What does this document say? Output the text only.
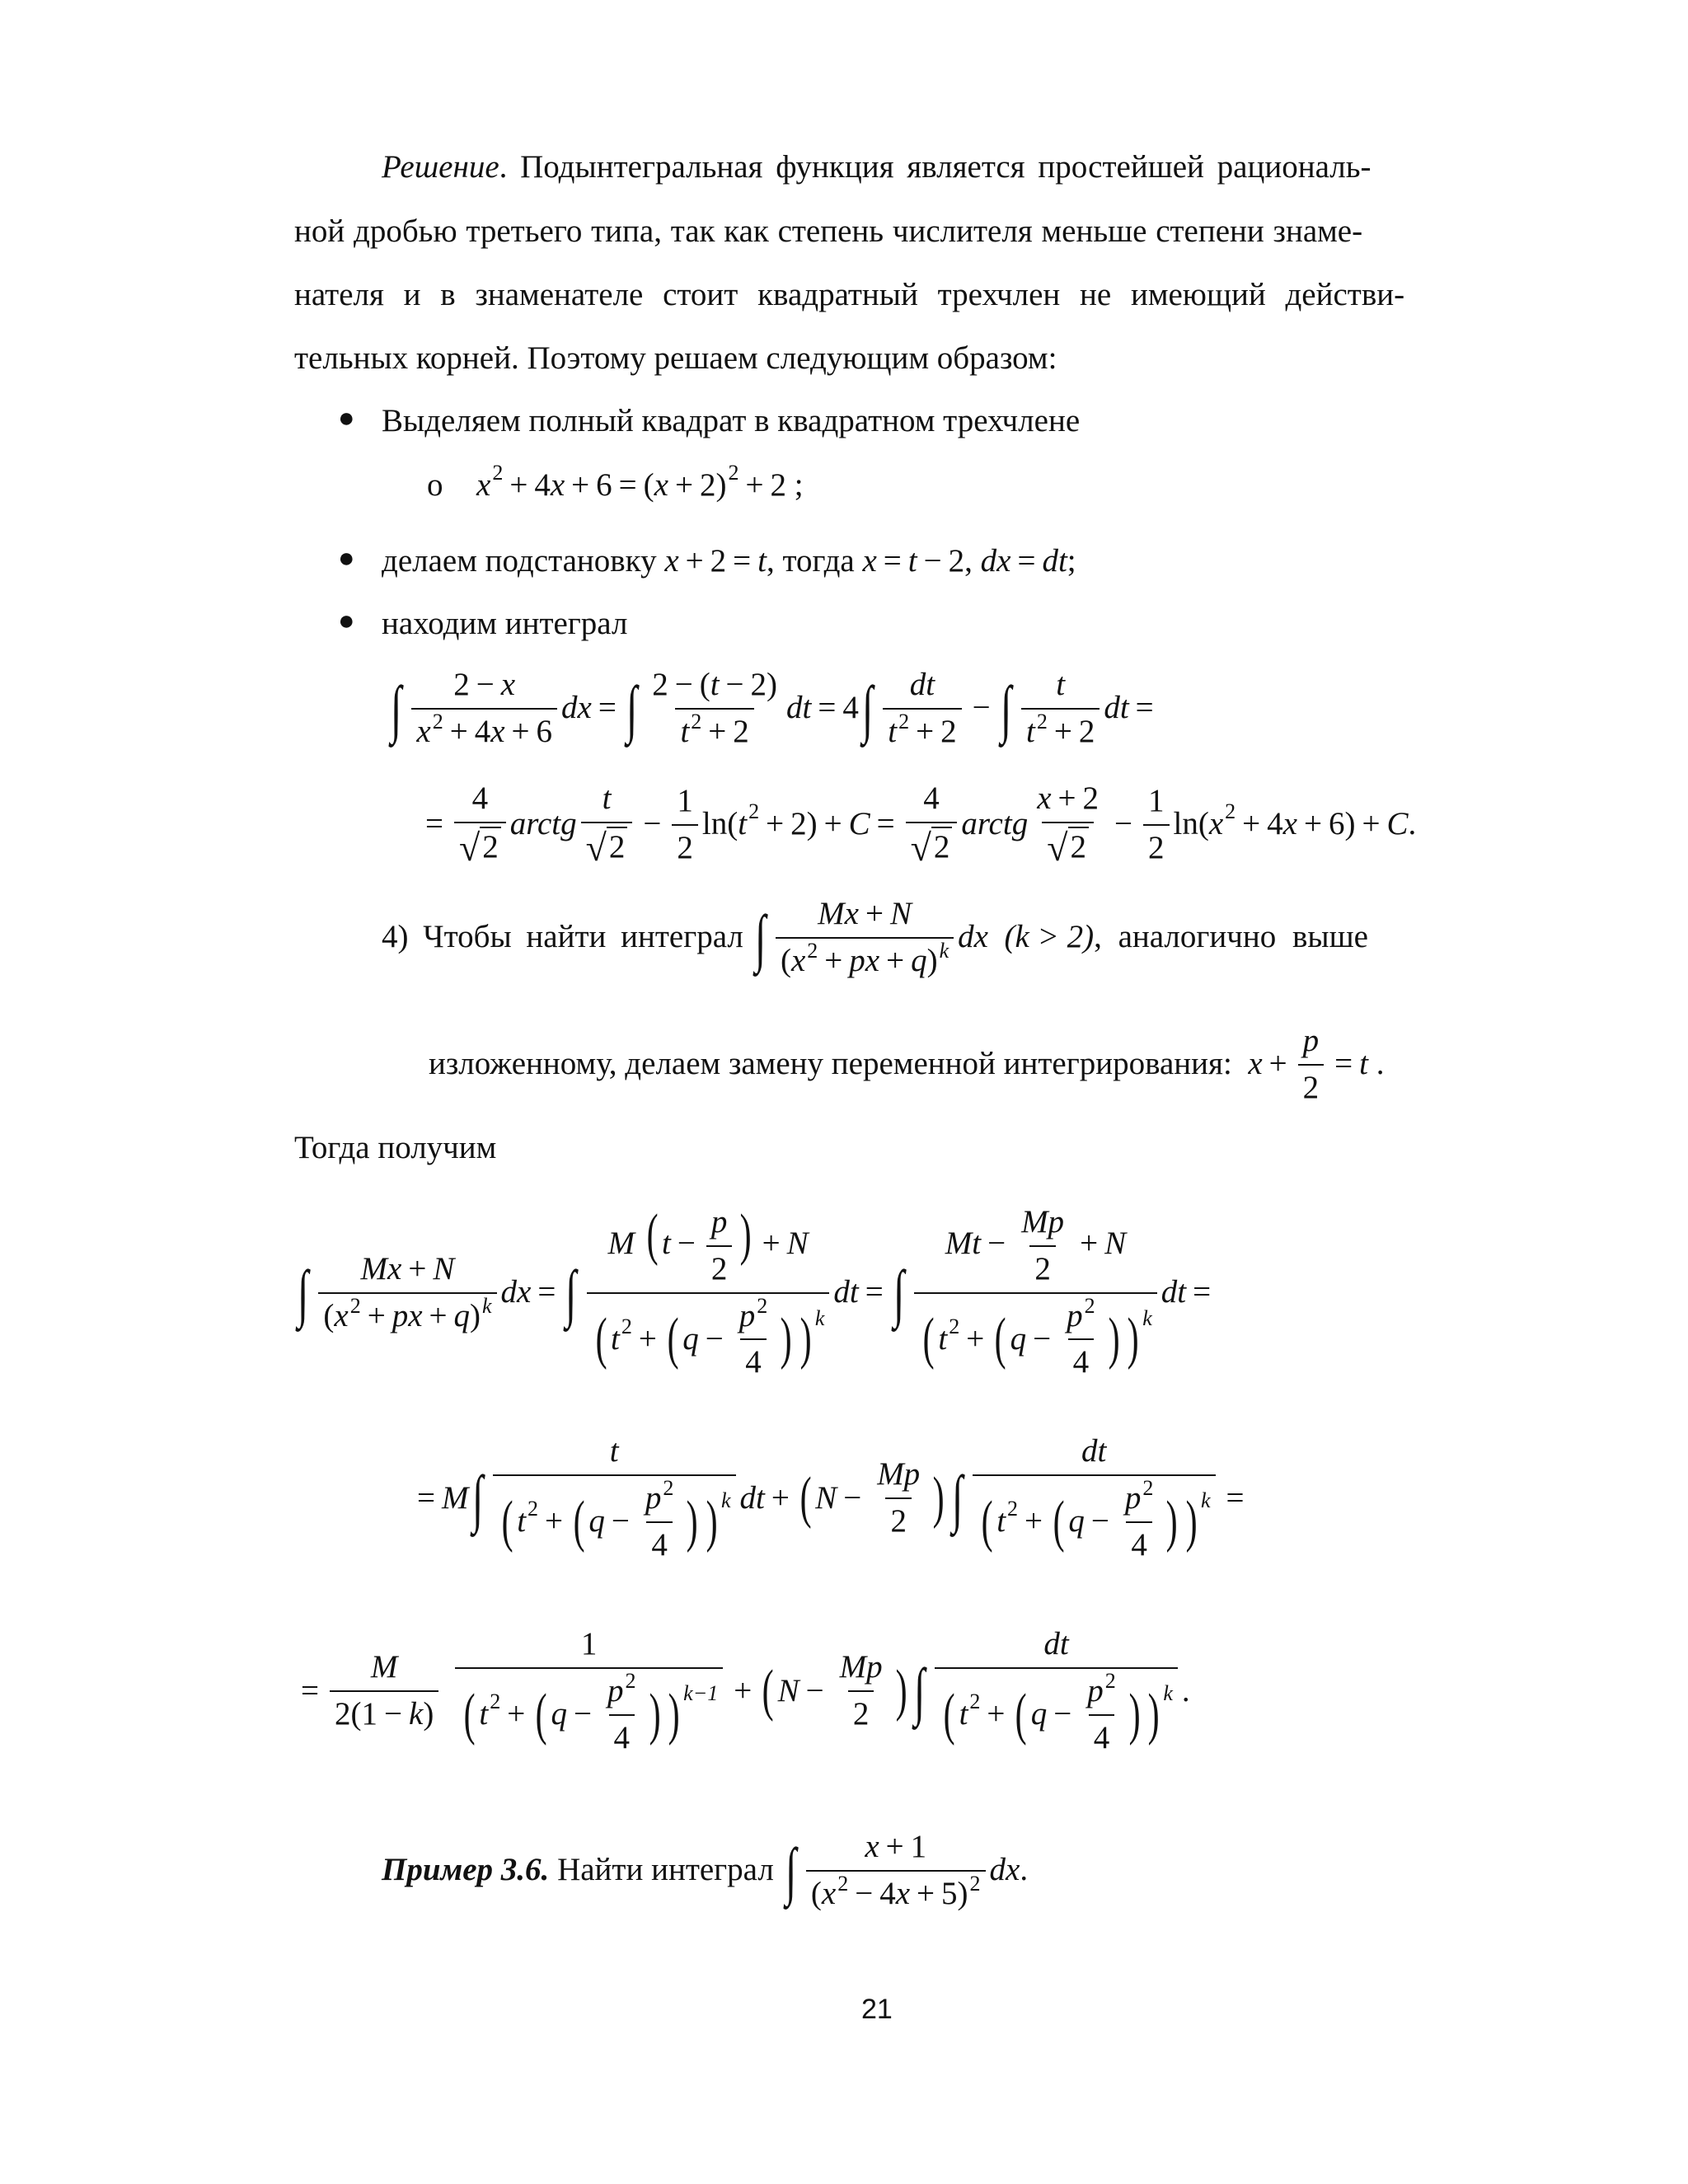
Решение. Подынтегральная функция является простейшей рациональ-
ной дробью третьего типа, так как степень числителя меньше степени знаме-
нателя и в знаменателе стоит квадратный трехчлен не имеющий действи-
тельных корней. Поэтому решаем следующим образом:
● Выделяем полный квадрат в квадратном трехчлене
o x 2 + 4 x + 6 = ( x + 2) 2 + 2 ;
● делаем подстановку
x + 2 = t , тогда
x = t − 2, dx = dt ;
● находим интеграл
∫ $\frac{2 - x}{x^2 + 4x + 6}$ dx = ∫ $\frac{2 - (t - 2)}{t^2 + 2}$ dt = 4 ∫ $\frac{dt}{t^2 + 2}$ − ∫ $\frac{t}{t^2 + 2}$ dt =
= $\frac{4}{√ 2}$ arctg $\frac{t}{√ 2} - \frac{1}{2} \ln$( t $2 + 2) + C = \frac{4}{√ 2}$ arctg $\frac{x + 2}{√ 2} - \frac{1}{2} \ln$( x 2 + 4 x + 6) + C .
4) Чтобы найти интеграл
∫ $\frac{Mx + N}{(x^2 + px + q)^k}$ dx
(k > 2) , аналогично выше
изложенному, делаем замену переменной интегрирования:
$x + \frac{p}{2} = t$ .
Тогда получим
∫ $\frac{Mx + N}{(x^2 + px + q)^k}$ dx = ∫ $\frac{M ( t - \frac{p}{2} ) + N}{( t 2 + ( q - \frac{p^2}{4} ) ) k}$ dt = ∫ $\frac{Mt - \frac{Mp}{2} + N}{( t 2 + ( q - \frac{p^2}{4} ) ) k}$ dt =
= M ∫ $\frac{t}{( t 2 + ( q - \frac{p^2}{4} ) ) k}$ dt + ( $N - \frac{Mp}{2}$ ) ∫ $\frac{dt}{( t 2 + ( q - \frac{p^2}{4} ) ) k}$ =
= $\frac{M}{2(1 - k)}$
$\frac{1}{( t 2 + ( q - \frac{p^2}{4} ) ) k-1}$ + ( $N - \frac{Mp}{2}$ ) ∫ $\frac{dt}{( t 2 + ( q - \frac{p^2}{4} ) ) k}$ .
Пример 3.6.
Найти интеграл
∫ $\frac{x + 1}{(x^2 - 4x + 5)^2}$ dx .
21
